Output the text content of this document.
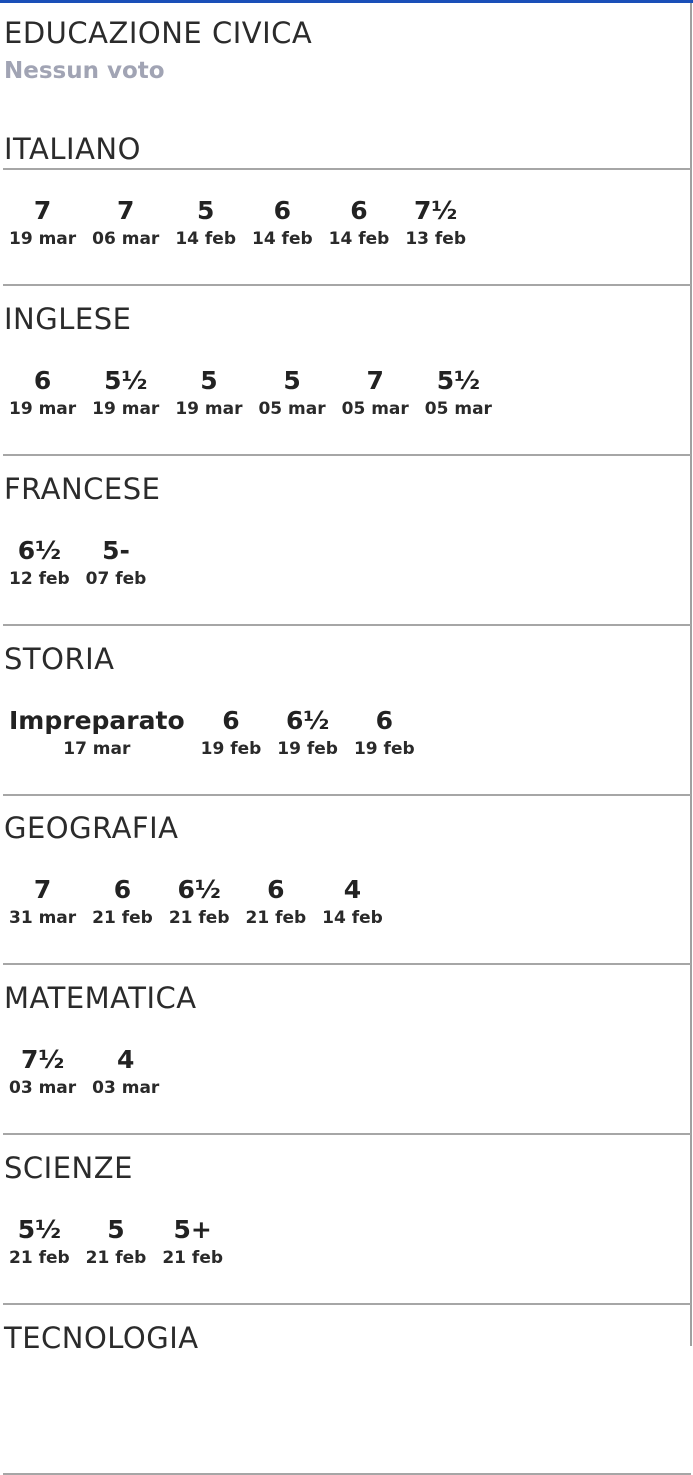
EDUCAZIONE CIVICA
Nessun voto
ITALIANO
7
19 mar
7
06 mar
5
14 feb
6
14 feb
6
14 feb
7½
13 feb
INGLESE
6
19 mar
5½
19 mar
5
19 mar
5
05 mar
7
05 mar
5½
05 mar
FRANCESE
6½
12 feb
5-
07 feb
STORIA
Impreparato
17 mar
6
19 feb
6½
19 feb
6
19 feb
GEOGRAFIA
7
31 mar
6
21 feb
6½
21 feb
6
21 feb
4
14 feb
MATEMATICA
7½
03 mar
4
03 mar
SCIENZE
5½
21 feb
5
21 feb
5+
21 feb
TECNOLOGIA
